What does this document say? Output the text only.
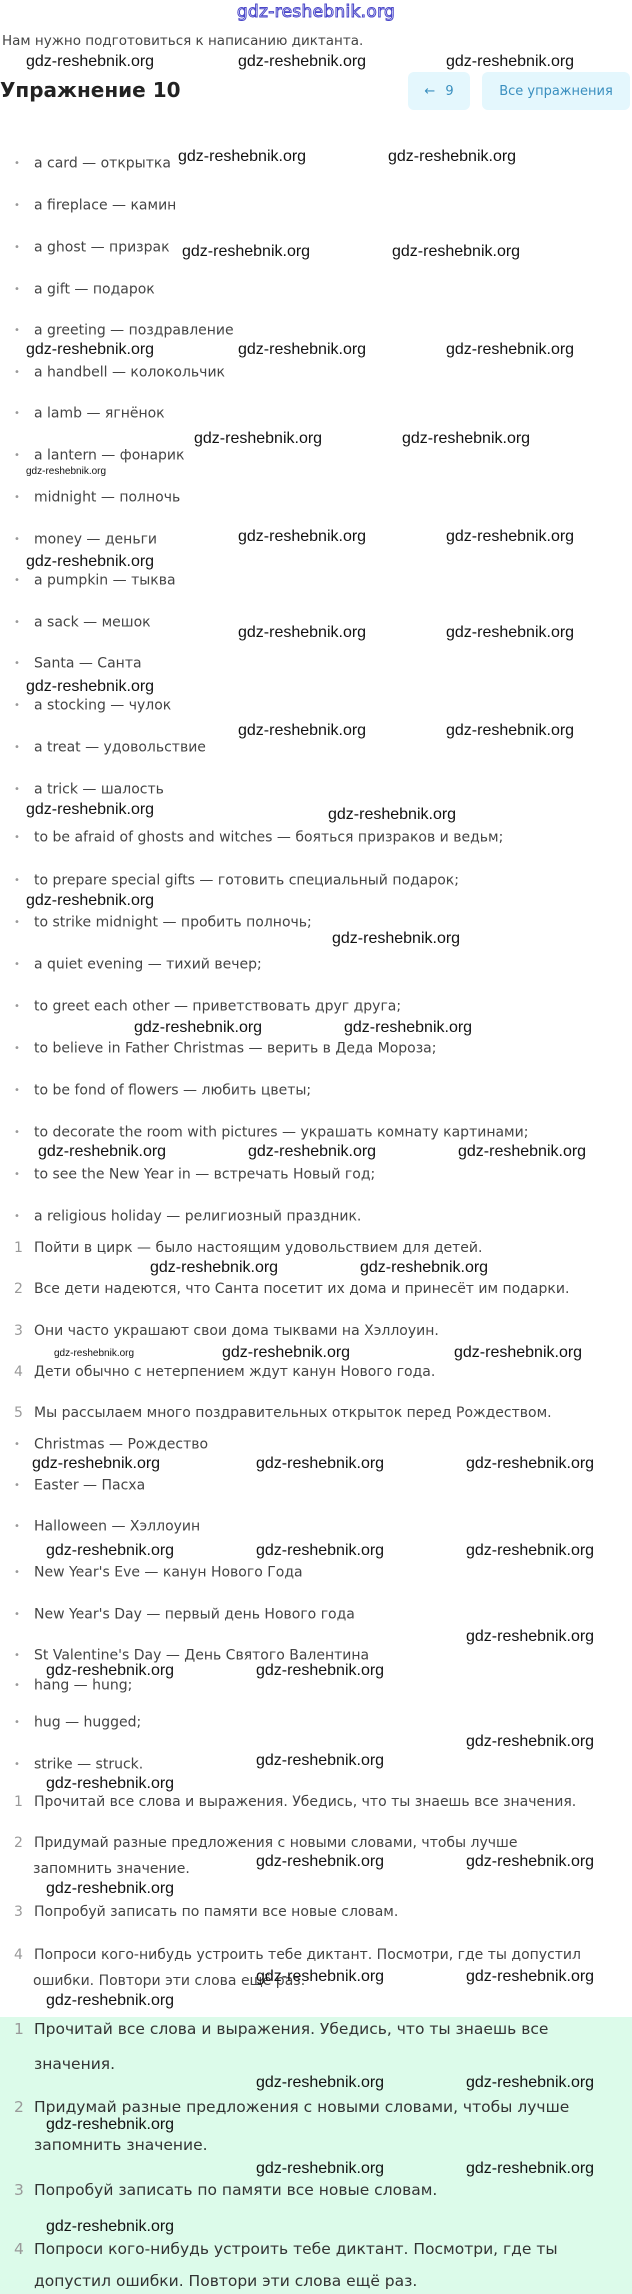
gdz-reshebnik.org
Нам нужно подготовиться к написанию диктанта.
Упражнение 10	← 9	Все упражнения
• a card — открытка
• a fireplace — камин
• a ghost — призрак
• a gift — подарок
• a greeting — поздравление
• a handbell — колокольчик
• a lamb — ягнёнок
• a lantern — фонарик
• midnight — полночь
• money — деньги
• a pumpkin — тыква
• a sack — мешок
• Santa — Санта
• a stocking — чулок
• a treat — удовольствие
• a trick — шалость
• to be afraid of ghosts and witches — бояться призраков и ведьм;
• to prepare special gifts — готовить специальный подарок;
• to strike midnight — пробить полночь;
• a quiet evening — тихий вечер;
• to greet each other — приветствовать друг друга;
• to believe in Father Christmas — верить в Деда Мороза;
• to be fond of flowers — любить цветы;
• to decorate the room with pictures — украшать комнату картинами;
• to see the New Year in — встречать Новый год;
• a religious holiday — религиозный праздник.
1 Пойти в цирк — было настоящим удовольствием для детей.
2 Все дети надеются, что Санта посетит их дома и принесёт им подарки.
3 Они часто украшают свои дома тыквами на Хэллоуин.
4 Дети обычно с нетерпением ждут канун Нового года.
5 Мы рассылаем много поздравительных открыток перед Рождеством.
• Christmas — Рождество
• Easter — Пасха
• Halloween — Хэллоуин
• New Year's Eve — канун Нового Года
• New Year's Day — первый день Нового года
• St Valentine's Day — День Святого Валентина
• hang — hung;
• hug — hugged;
• strike — struck.
1 Прочитай все слова и выражения. Убедись, что ты знаешь все значения.
2 Придумай разные предложения с новыми словами, чтобы лучше
запомнить значение.
3 Попробуй записать по памяти все новые словам.
4 Попроси кого-нибудь устроить тебе диктант. Посмотри, где ты допустил
ошибки. Повтори эти слова ещё раз.
1 Прочитай все слова и выражения. Убедись, что ты знаешь все
значения.
2 Придумай разные предложения с новыми словами, чтобы лучше
запомнить значение.
3 Попробуй записать по памяти все новые словам.
4 Попроси кого-нибудь устроить тебе диктант. Посмотри, где ты
допустил ошибки. Повтори эти слова ещё раз.
gdz-reshebnik.org	gdz-reshebnik.org	gdz-reshebnik.org
gdz-reshebnik.org	gdz-reshebnik.org
gdz-reshebnik.org	gdz-reshebnik.org
gdz-reshebnik.org	gdz-reshebnik.org	gdz-reshebnik.org
gdz-reshebnik.org	gdz-reshebnik.org
gdz-reshebnik.org
gdz-reshebnik.org	gdz-reshebnik.org
gdz-reshebnik.org
gdz-reshebnik.org	gdz-reshebnik.org
gdz-reshebnik.org
gdz-reshebnik.org	gdz-reshebnik.org
gdz-reshebnik.org	gdz-reshebnik.org
gdz-reshebnik.org
gdz-reshebnik.org
gdz-reshebnik.org	gdz-reshebnik.org
gdz-reshebnik.org	gdz-reshebnik.org	gdz-reshebnik.org
gdz-reshebnik.org	gdz-reshebnik.org
gdz-reshebnik.org	gdz-reshebnik.org	gdz-reshebnik.org
gdz-reshebnik.org	gdz-reshebnik.org	gdz-reshebnik.org
gdz-reshebnik.org	gdz-reshebnik.org	gdz-reshebnik.org
gdz-reshebnik.org
gdz-reshebnik.org	gdz-reshebnik.org
gdz-reshebnik.org
gdz-reshebnik.org
gdz-reshebnik.org
gdz-reshebnik.org	gdz-reshebnik.org
gdz-reshebnik.org
gdz-reshebnik.org	gdz-reshebnik.org
gdz-reshebnik.org
gdz-reshebnik.org	gdz-reshebnik.org
gdz-reshebnik.org
gdz-reshebnik.org	gdz-reshebnik.org
gdz-reshebnik.org
